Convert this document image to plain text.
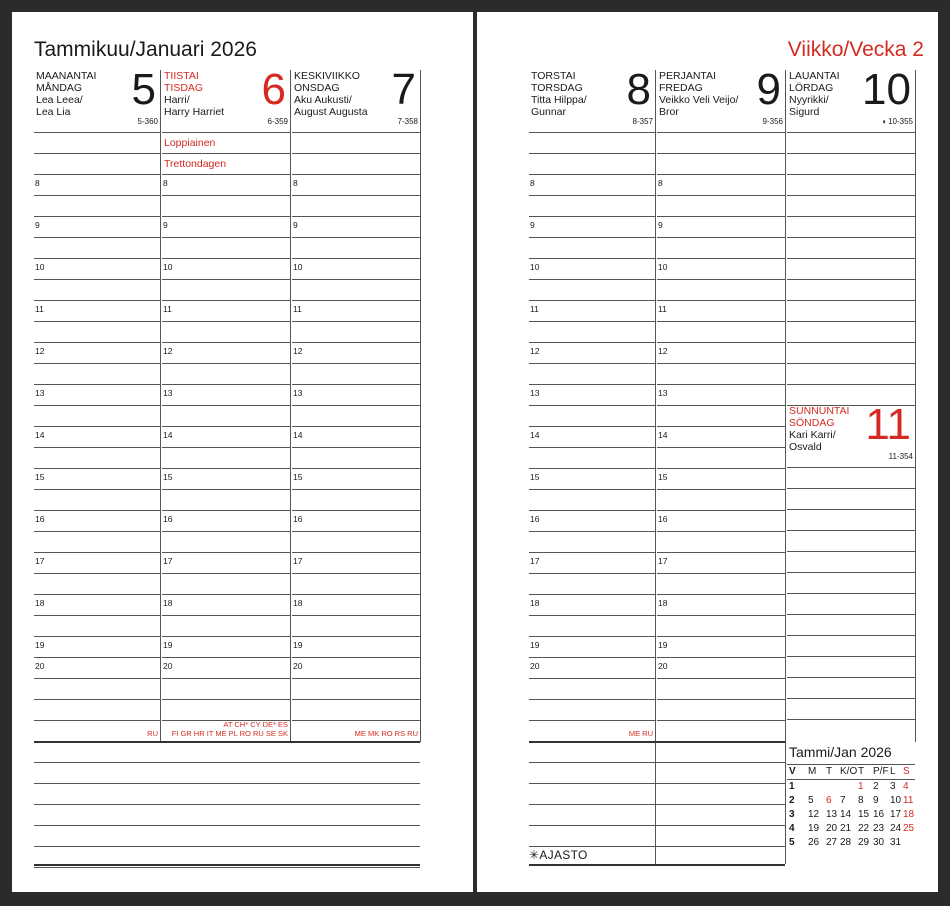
Tammikuu/Januari 2026
MAANANTAI
MÅNDAG
Lea Leea/
Lea Lia 5
5-360
TIISTAI
TISDAG
Harri/
Harry Harriet 6
6-359
KESKIVIIKKO
ONSDAG
Aku Aukusti/
August Augusta 7
7-358
8
9
10
11
12
13
14
15
16
17
18
19
20
8
9
10
11
12
13
14
15
16
17
18
19
20
8
9
10
11
12
13
14
15
16
17
18
19
20
Loppiainen
Trettondagen
RU
AT CH* CY DE* ES
FI GR HR IT ME PL RO RU SE SK	ME MK RO RS RU
Viikko/Vecka 2
TORSTAI
TORSDAG
Titta Hilppa/
Gunnar 8
8-357
PERJANTAI
FREDAG
Veikko Veli Veijo/
Bror 9
9-356
LAUANTAI
LÖRDAG
Nyyrikki/
Sigurd 10
◑ 10-355
8
9
10
11
12
13
14
15
16
17
18
19
20
8
9
10
11
12
13
14
15
16
17
18
19
20
SUNNUNTAI
SÖNDAG
Kari Karri/
Osvald 11
11-354
ME RU
✳AJASTO
Tammi/Jan 2026
V M T K/O T P/F L S
1	1 2 3 4
2 5 6 7 8 9 10 11
3 12 13 14 15 16 17 18
4 19 20 21 22 23 24 25
5 26 27 28 29 30 31
